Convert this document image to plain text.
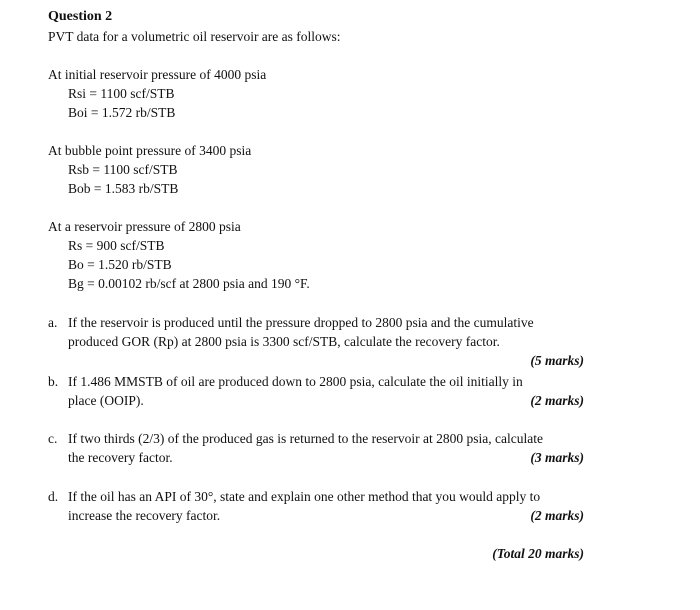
Question 2
PVT data for a volumetric oil reservoir are as follows:
At initial reservoir pressure of 4000 psia
Rsi = 1100 scf/STB
Boi = 1.572 rb/STB
At bubble point pressure of 3400 psia
Rsb = 1100 scf/STB
Bob = 1.583 rb/STB
At a reservoir pressure of 2800 psia
Rs = 900 scf/STB
Bo = 1.520 rb/STB
Bg = 0.00102 rb/scf at 2800 psia and 190 °F.
a. If the reservoir is produced until the pressure dropped to 2800 psia and the cumulative
produced GOR (Rp) at 2800 psia is 3300 scf/STB, calculate the recovery factor.
(5 marks)
b. If 1.486 MMSTB of oil are produced down to 2800 psia, calculate the oil initially in
place (OOIP).	(2 marks)
c. If two thirds (2/3) of the produced gas is returned to the reservoir at 2800 psia, calculate
the recovery factor.	(3 marks)
d. If the oil has an API of 30°, state and explain one other method that you would apply to
increase the recovery factor.	(2 marks)
(Total 20 marks)
